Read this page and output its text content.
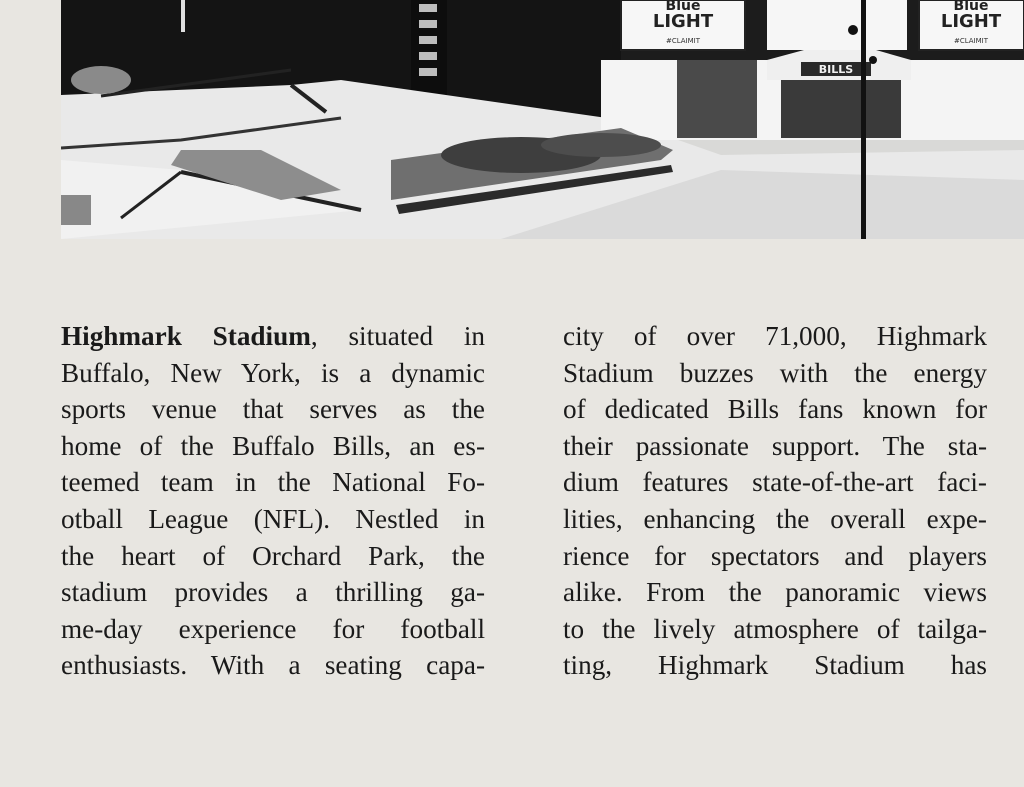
Blue
LIGHT
#CLAIMIT
Blue
LIGHT
#CLAIMIT
BILLS
Highmark Stadium, situated in
Buffalo, New York, is a dynamic
sports venue that serves as the
home of the Buffalo Bills, an es-
teemed team in the National Fo-
otball League (NFL). Nestled in
the heart of Orchard Park, the
stadium provides a thrilling ga-
me-day experience for football
enthusiasts. With a seating capa-
city of over 71,000, Highmark
Stadium buzzes with the energy
of dedicated Bills fans known for
their passionate support. The sta-
dium features state-of-the-art faci-
lities, enhancing the overall expe-
rience for spectators and players
alike. From the panoramic views
to the lively atmosphere of tailga-
ting, Highmark Stadium has
